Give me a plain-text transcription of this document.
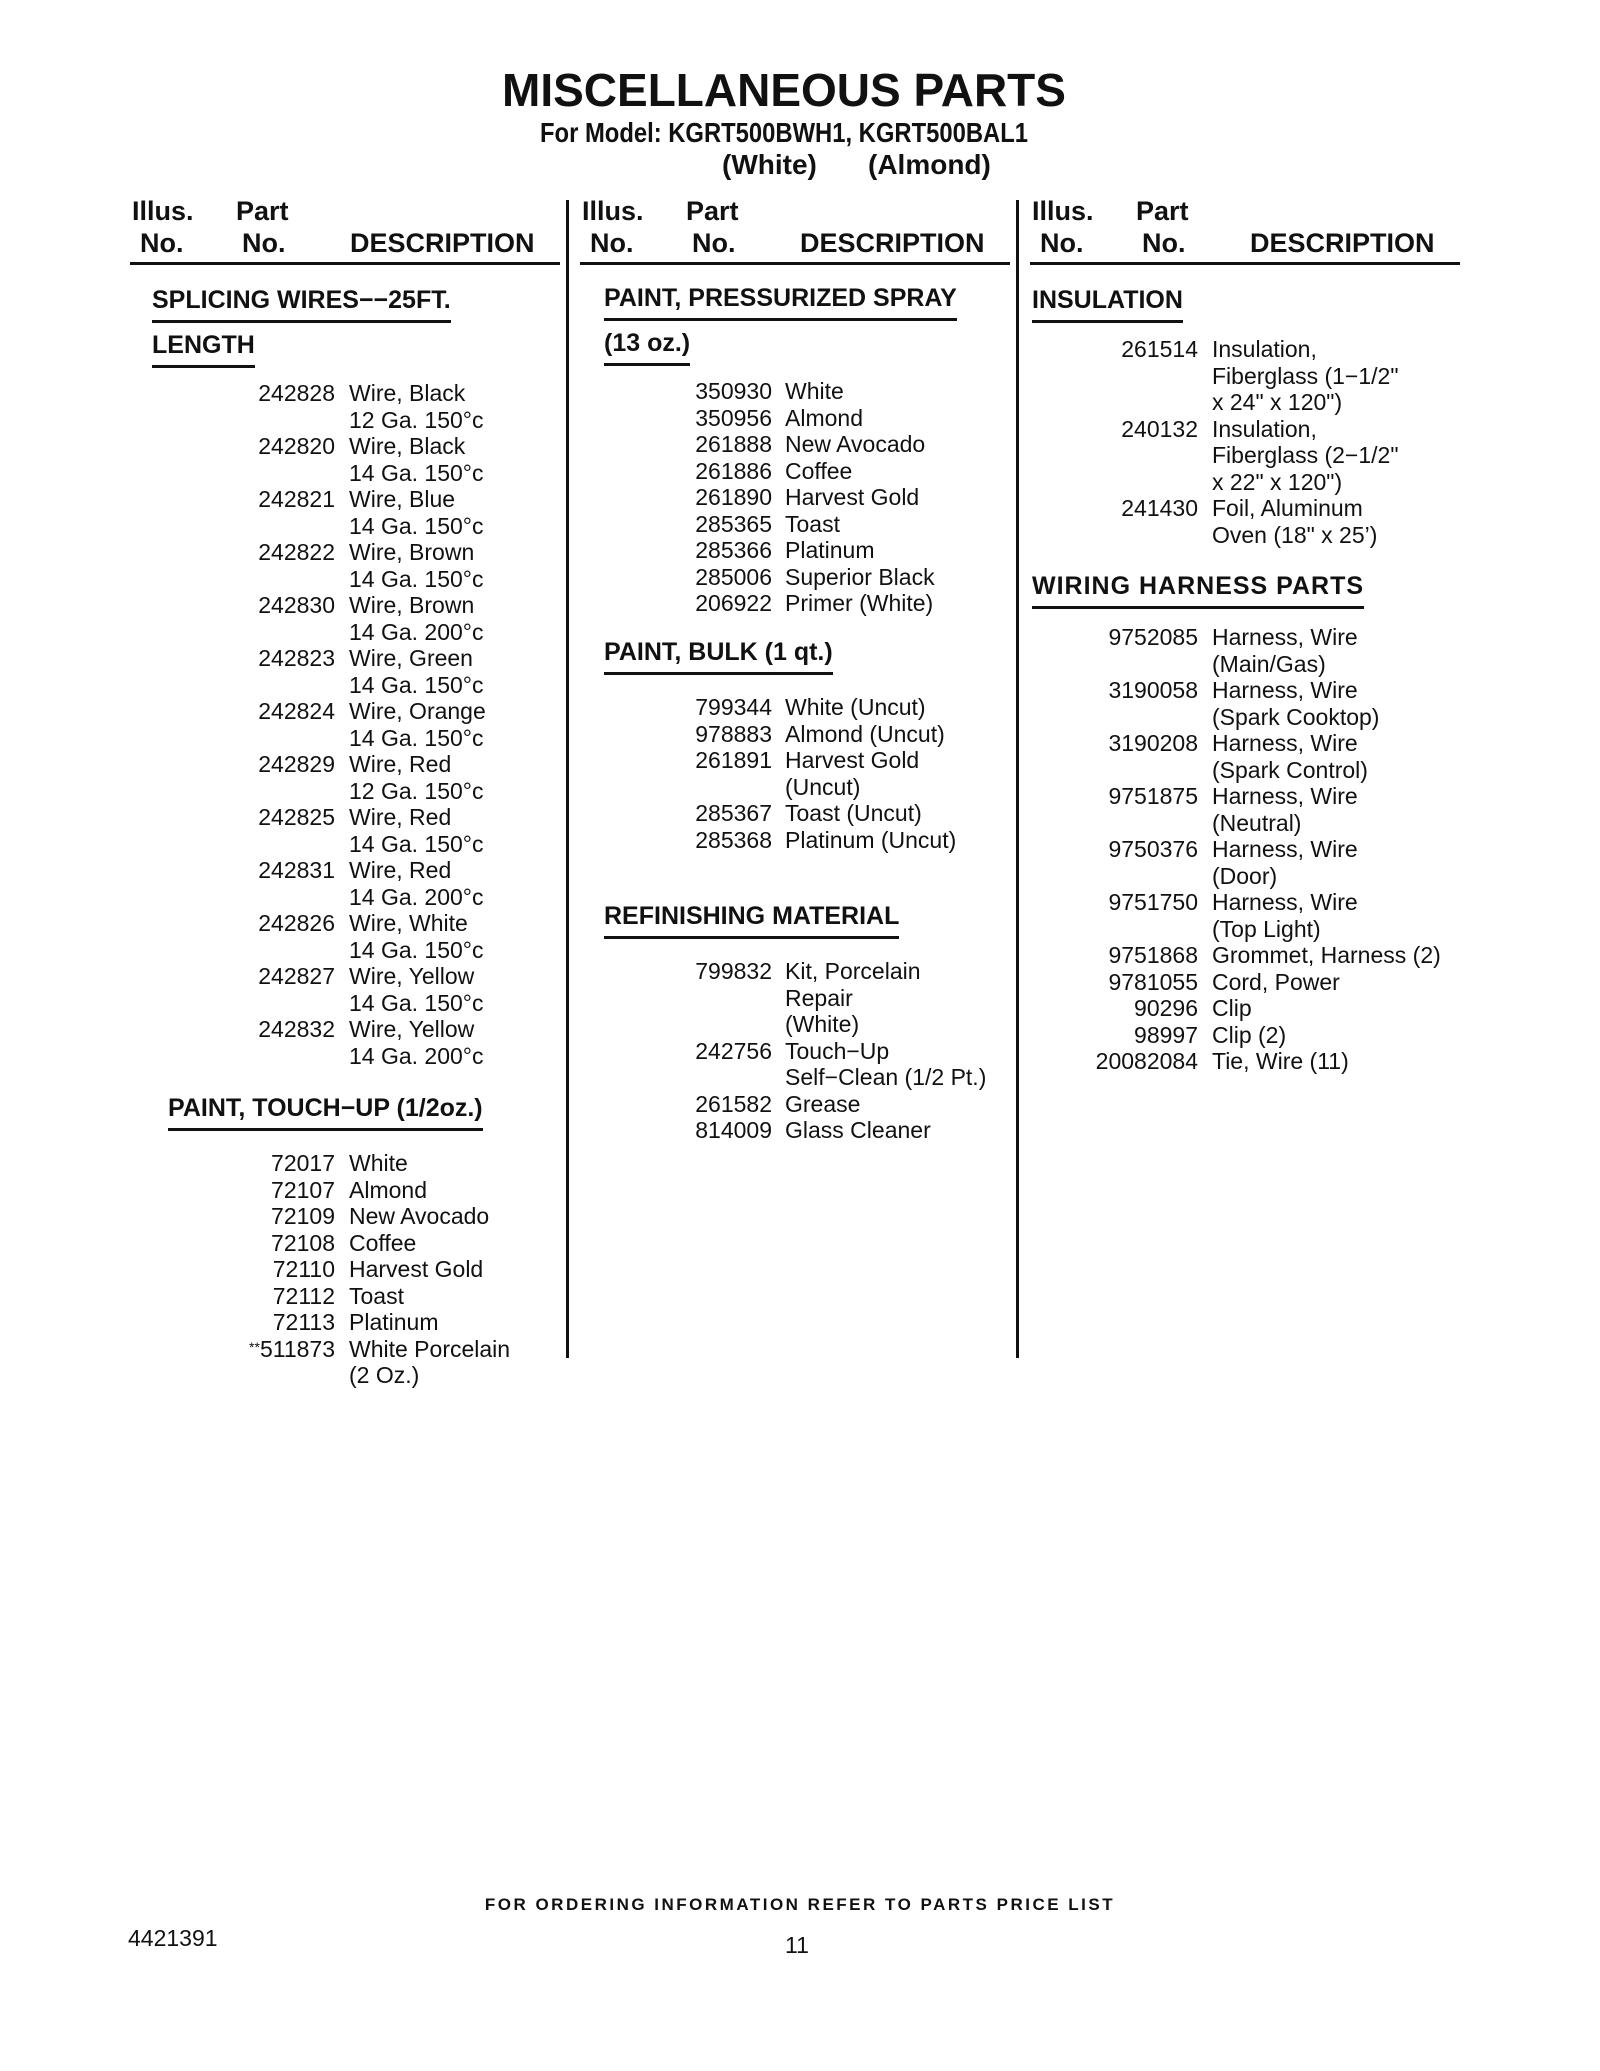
MISCELLANEOUS PARTS
For Model: KGRT500BWH1, KGRT500BAL1
(White) (Almond)
Illus.
No.
Part
No. DESCRIPTION
Illus.
No.
Part
No. DESCRIPTION
Illus.
No.
Part
No. DESCRIPTION
SPLICING WIRES−−25FT.
LENGTH
242828 Wire, Black
12 Ga. 150°c
242820 Wire, Black
14 Ga. 150°c
242821 Wire, Blue
14 Ga. 150°c
242822 Wire, Brown
14 Ga. 150°c
242830 Wire, Brown
14 Ga. 200°c
242823 Wire, Green
14 Ga. 150°c
242824 Wire, Orange
14 Ga. 150°c
242829 Wire, Red
12 Ga. 150°c
242825 Wire, Red
14 Ga. 150°c
242831 Wire, Red
14 Ga. 200°c
242826 Wire, White
14 Ga. 150°c
242827 Wire, Yellow
14 Ga. 150°c
242832 Wire, Yellow
14 Ga. 200°c
PAINT, TOUCH−UP (1/2oz.)
72017 White
72107 Almond
72109 New Avocado
72108 Coffee
72110 Harvest Gold
72112 Toast
72113 Platinum
**511873 White Porcelain
(2 Oz.)
PAINT, PRESSURIZED SPRAY
(13 oz.)
350930 White
350956 Almond
261888 New Avocado
261886 Coffee
261890 Harvest Gold
285365 Toast
285366 Platinum
285006 Superior Black
206922 Primer (White)
PAINT, BULK (1 qt.)
799344 White (Uncut)
978883 Almond (Uncut)
261891 Harvest Gold
(Uncut)
285367 Toast (Uncut)
285368 Platinum (Uncut)
REFINISHING MATERIAL
799832 Kit, Porcelain
Repair
(White)
242756 Touch−Up
Self−Clean (1/2 Pt.)
261582 Grease
814009 Glass Cleaner
INSULATION
261514 Insulation,
Fiberglass (1−1/2"
x 24" x 120")
240132 Insulation,
Fiberglass (2−1/2"
x 22" x 120")
241430 Foil, Aluminum
Oven (18" x 25’)
WIRING HARNESS PARTS
9752085 Harness, Wire
(Main/Gas)
3190058 Harness, Wire
(Spark Cooktop)
3190208 Harness, Wire
(Spark Control)
9751875 Harness, Wire
(Neutral)
9750376 Harness, Wire
(Door)
9751750 Harness, Wire
(Top Light)
9751868 Grommet, Harness (2)
9781055 Cord, Power
90296 Clip
98997 Clip (2)
20082084 Tie, Wire (11)
FOR ORDERING INFORMATION REFER TO PARTS PRICE LIST
4421391	11
